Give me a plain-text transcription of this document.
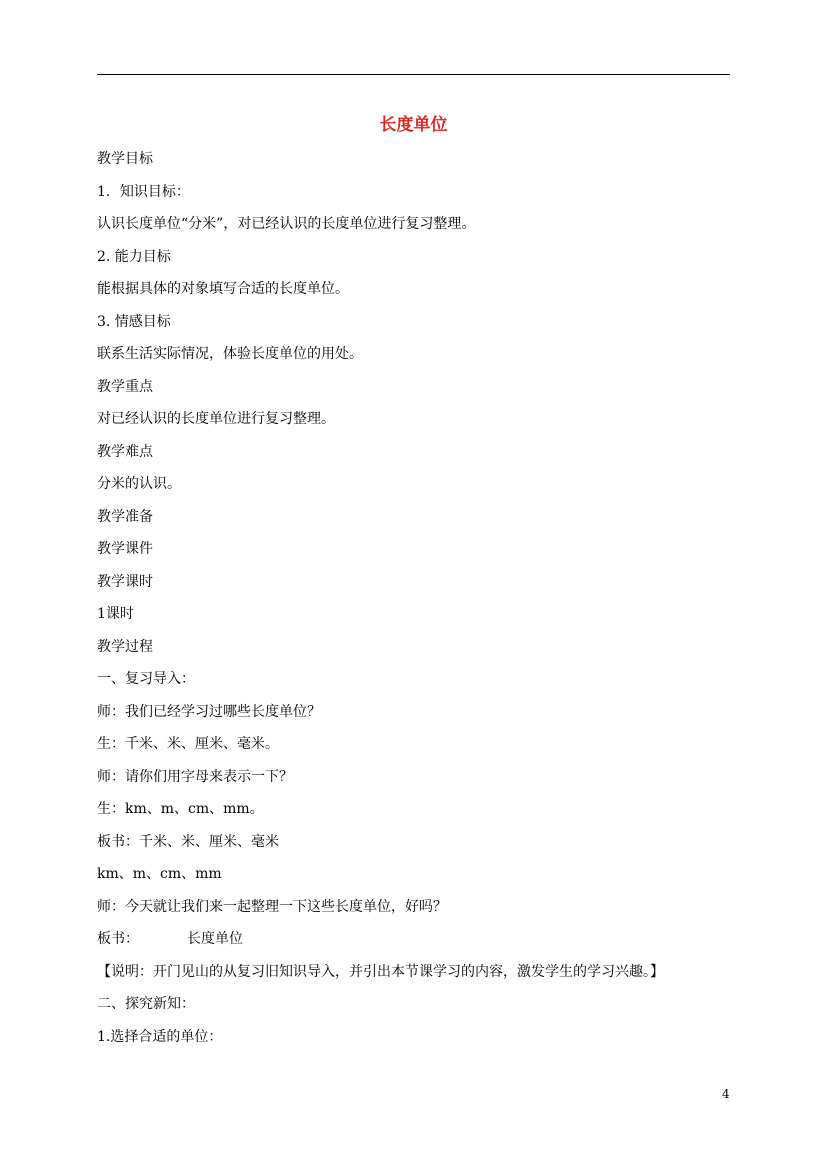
长度单位
教学目标
1．知识目标：
认识长度单位“分米”，对已经认识的长度单位进行复习整理。
2. 能力目标
能根据具体的对象填写合适的长度单位。
3. 情感目标
联系生活实际情况，体验长度单位的用处。
教学重点
对已经认识的长度单位进行复习整理。
教学难点
分米的认识。
教学准备
教学课件
教学课时
1课时
教学过程
一、复习导入：
师：我们已经学习过哪些长度单位？
生：千米、米、厘米、毫米。
师：请你们用字母来表示一下？
生：km、m、cm、mm。
板书：千米、米、厘米、毫米
km、m、cm、mm
师：今天就让我们来一起整理一下这些长度单位，好吗？
板书：	长度单位
【说明：开门见山的从复习旧知识导入，并引出本节课学习的内容，激发学生的学习兴趣。】
二、探究新知：
1.选择合适的单位：
4
